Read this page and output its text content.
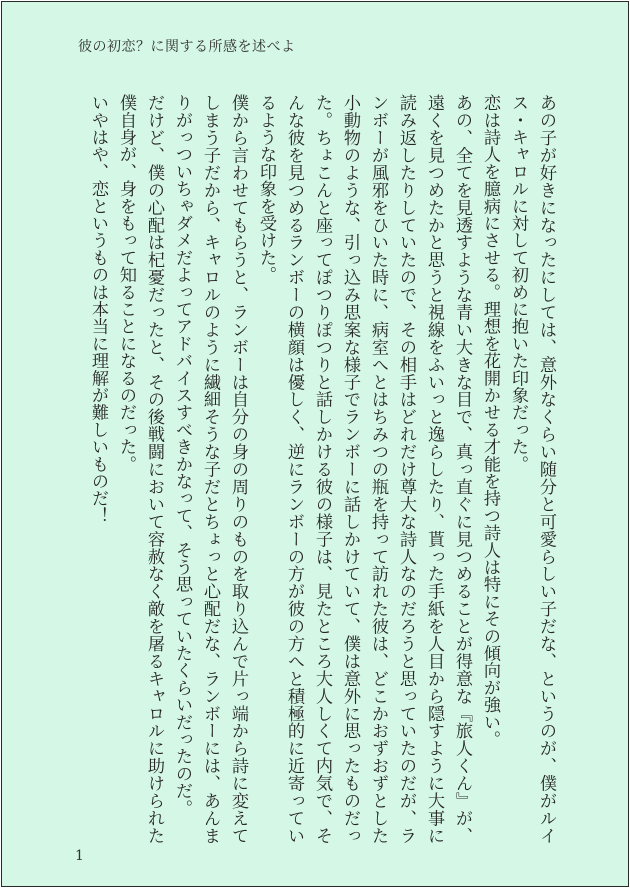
彼の初恋？に関する所感を述べよ

あの子が好きになったにしては、意外なくらい随分と可愛らしい子だな、というのが、僕がルイス・キャロルに対して初めに抱いた印象だった。

恋は詩人を臆病にさせる。理想を花開かせる才能を持つ詩人は特にその傾向が強い。

あの、全てを見透すような青い大きな目で、真っ直ぐに見つめることが得意な『旅人くん』が、遠くを見つめたかと思うと視線をふいっと逸らしたり、貰った手紙を人目から隠すように大事に読み返したりしていたので、その相手はどれだけ尊大な詩人なのだろうと思っていたのだが、ランボーが風邪をひいた時に、病室へとはちみつの瓶を持って訪れた彼は、どこかおずおずとした小動物のような、引っ込み思案な様子でランボーに話しかけていて、僕は意外に思ったものだった。ちょこんと座ってぽつりぽつりと話しかける彼の様子は、見たところ大人しくて内気で、そんな彼を見つめるランボーの横顔は優しく、逆にランボーの方が彼の方へと積極的に近寄っているような印象を受けた。

僕から言わせてもらうと、ランボーは自分の身の周りのものを取り込んで片っ端から詩に変えてしまう子だから、キャロルのように繊細そうな子だとちょっと心配だな、ランボーには、あんまりがっついちゃダメだよってアドバイスすべきかなって、そう思っていたくらいだったのだ。

だけど、僕の心配は杞憂だったと、その後戦闘において容赦なく敵を屠るキャロルに助けられた僕自身が、身をもって知ることになるのだった。

いやはや、恋というものは本当に理解が難しいものだ！

1
